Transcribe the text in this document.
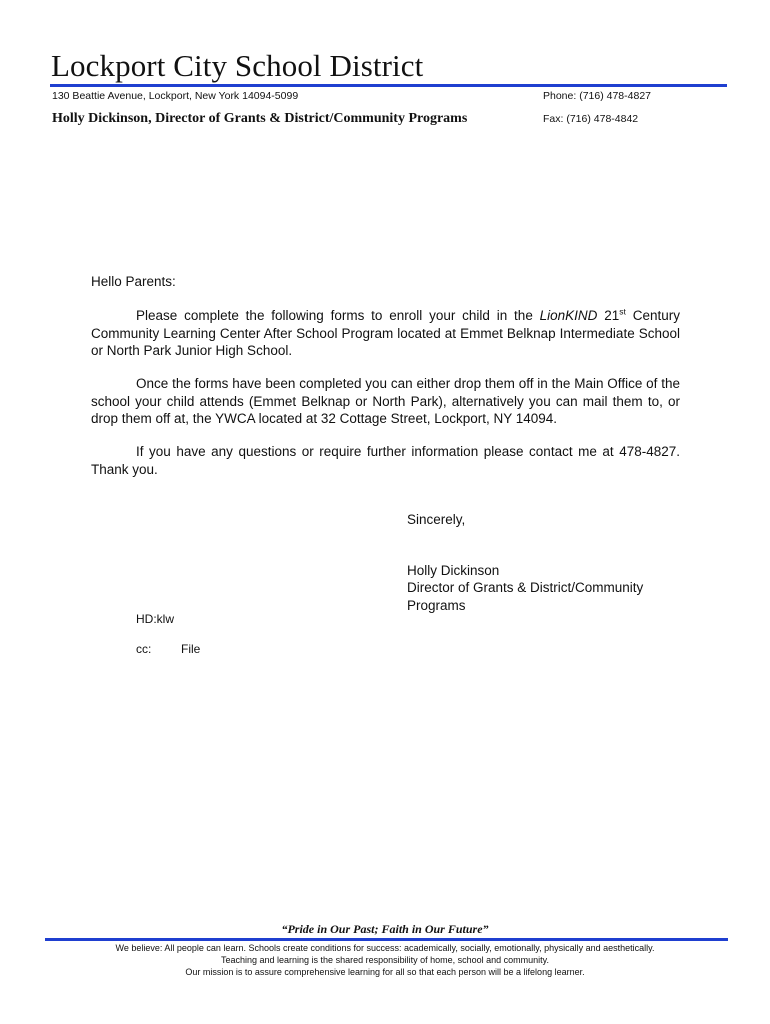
Lockport City School District
130 Beattie Avenue, Lockport, New York 14094-5099	Phone: (716) 478-4827
Holly Dickinson, Director of Grants & District/Community Programs	Fax: (716) 478-4842
Hello Parents:
Please complete the following forms to enroll your child in the LionKIND 21st Century Community Learning Center After School Program located at Emmet Belknap Intermediate School or North Park Junior High School.
Once the forms have been completed you can either drop them off in the Main Office of the school your child attends (Emmet Belknap or North Park), alternatively you can mail them to, or drop them off at, the YWCA located at 32 Cottage Street, Lockport, NY 14094.
If you have any questions or require further information please contact me at 478-4827. Thank you.
Sincerely,
Holly Dickinson
Director of Grants & District/Community
Programs
HD:klw
cc: File
“Pride in Our Past; Faith in Our Future”
We believe: All people can learn. Schools create conditions for success: academically, socially, emotionally, physically and aesthetically.
Teaching and learning is the shared responsibility of home, school and community.
Our mission is to assure comprehensive learning for all so that each person will be a lifelong learner.
